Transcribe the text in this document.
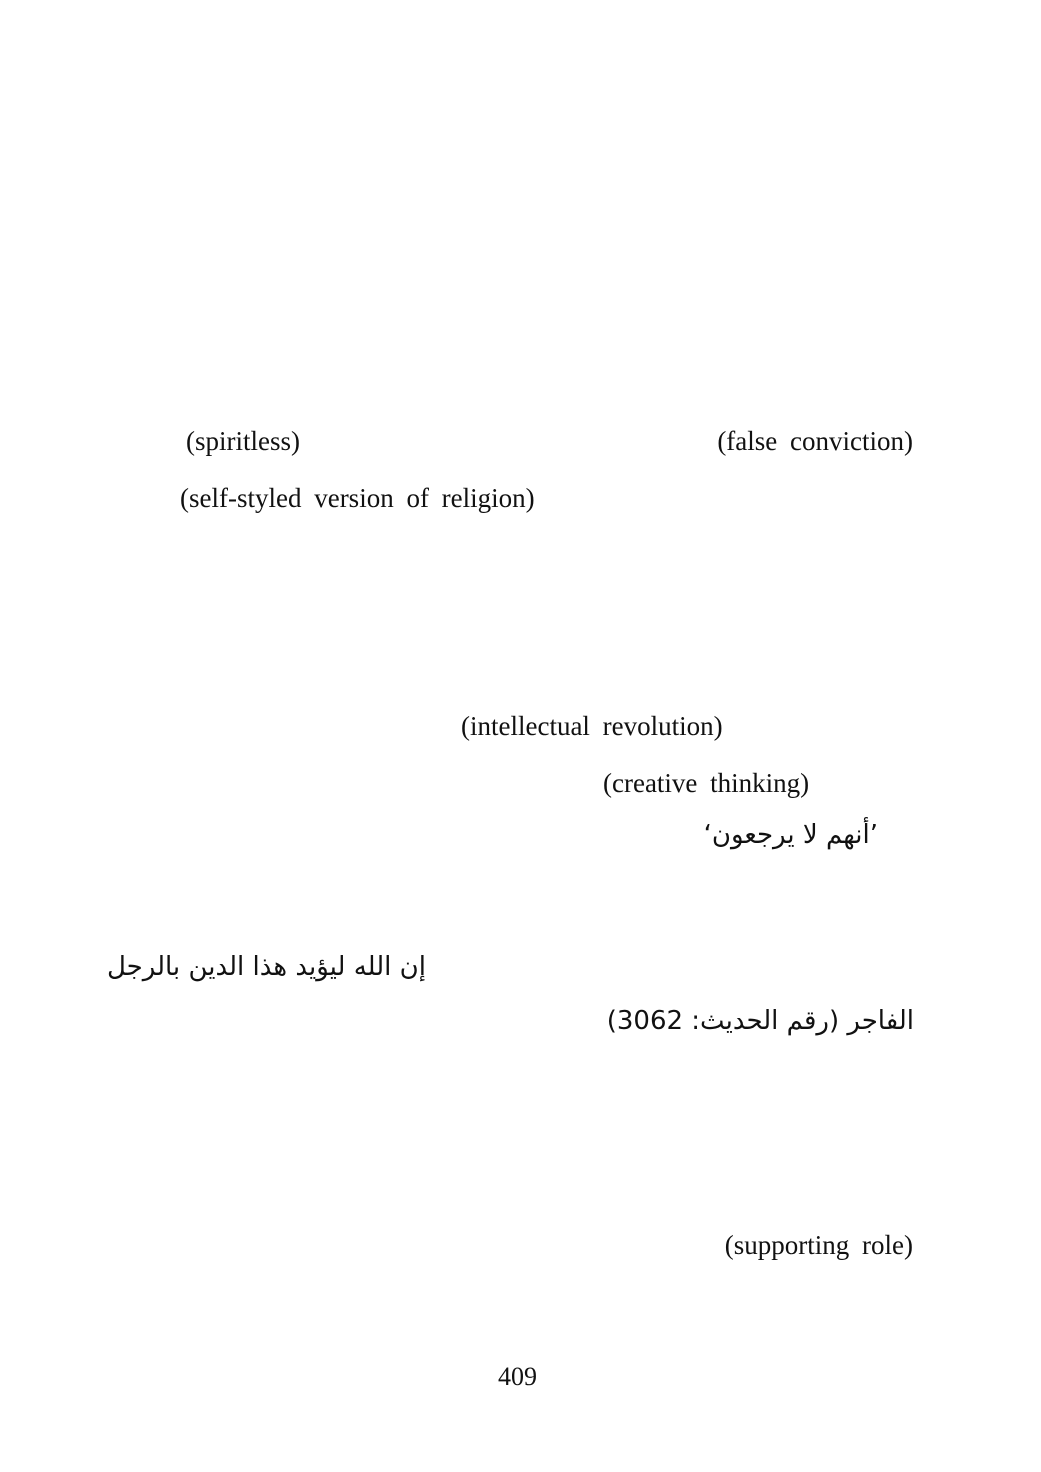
(spiritless)	(false conviction)
(self-styled version of religion)
(intellectual revolution)
(creative thinking)
’أنهم لا یرجعون‘
إن الله لیؤید ھذا الدین بالرجل
الفاجر (رقم الحدیث: 3062)
(supporting role)
409
